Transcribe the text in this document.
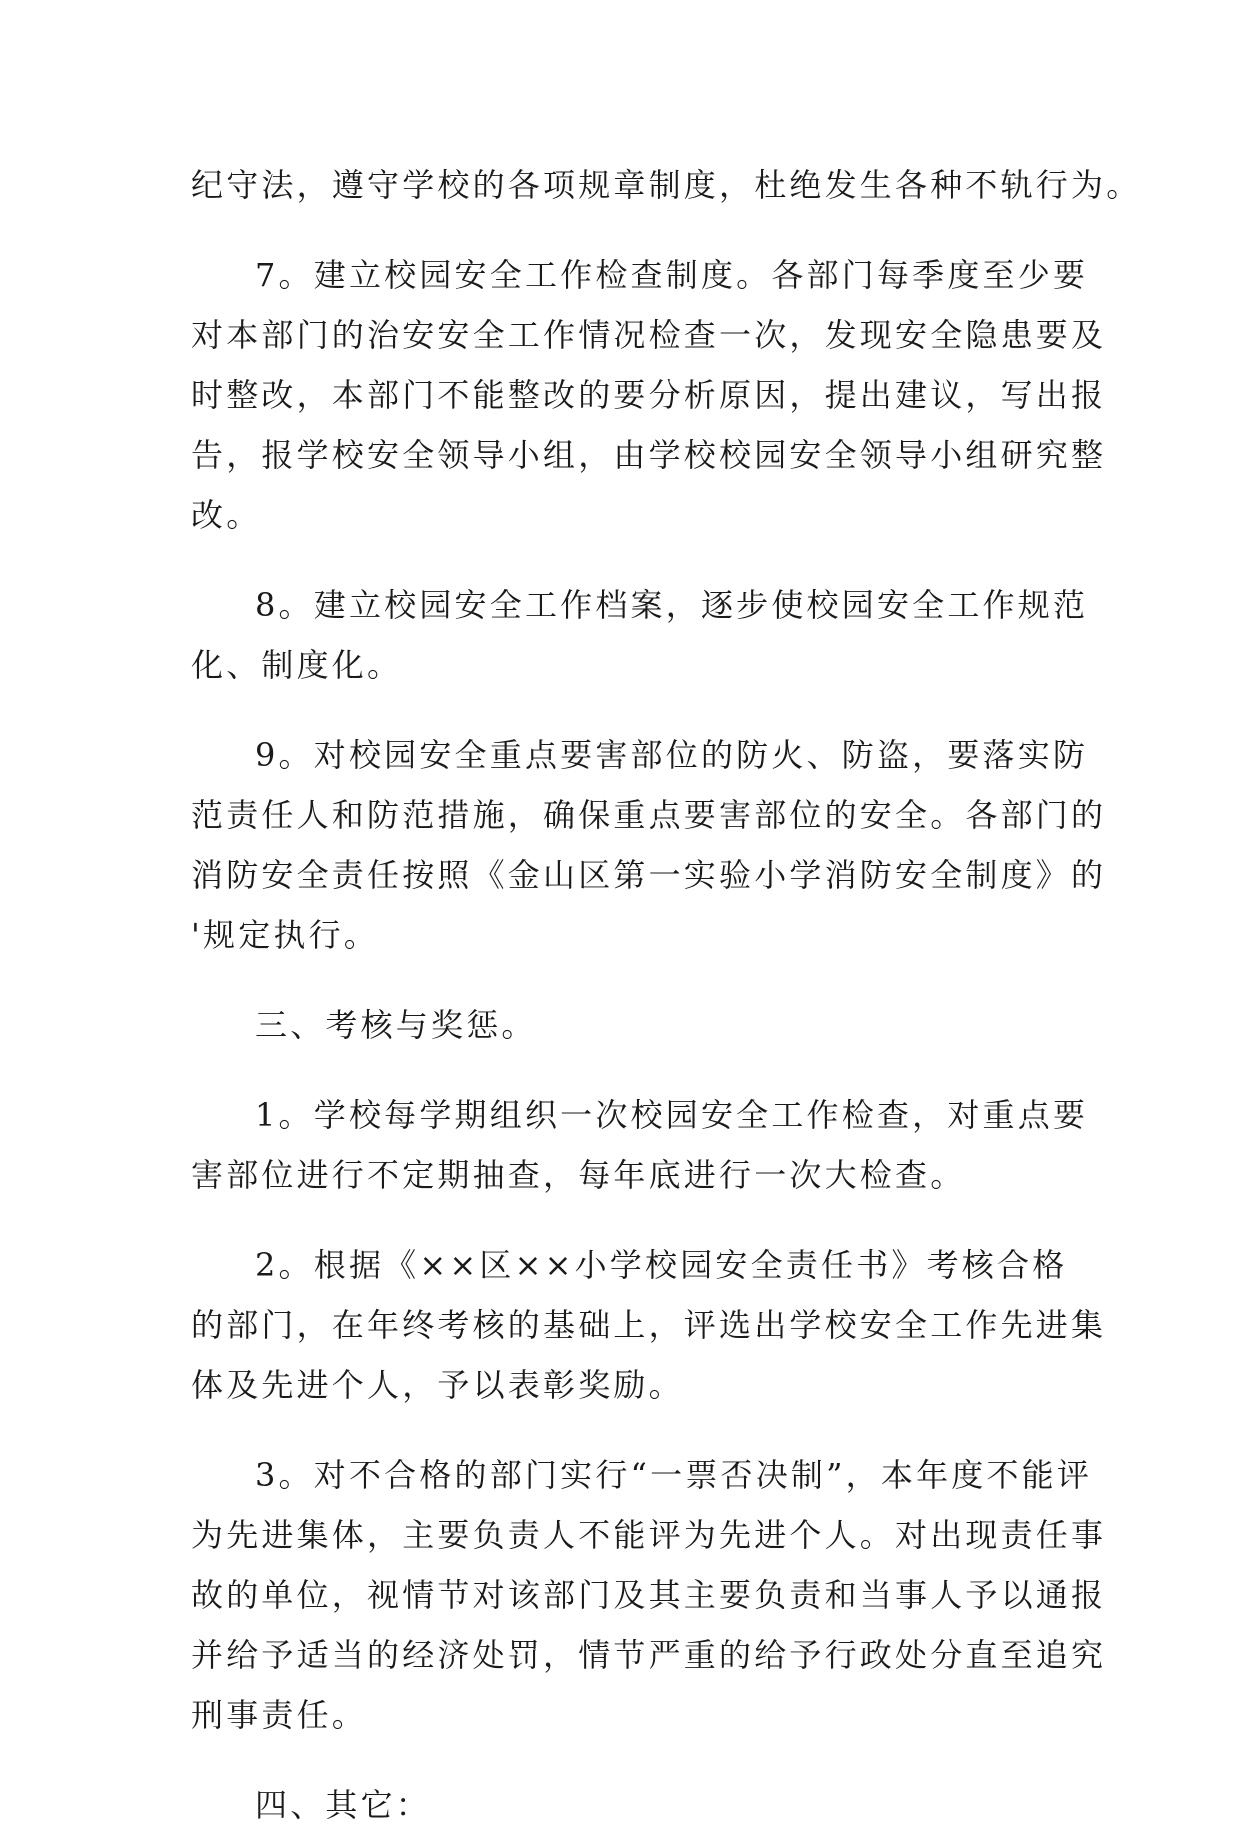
纪守法，遵守学校的各项规章制度，杜绝发生各种不轨行为。
7。建立校园安全工作检查制度。各部门每季度至少要
对本部门的治安安全工作情况检查一次，发现安全隐患要及
时整改，本部门不能整改的要分析原因，提出建议，写出报
告，报学校安全领导小组，由学校校园安全领导小组研究整
改。
8。建立校园安全工作档案，逐步使校园安全工作规范
化、制度化。
9。对校园安全重点要害部位的防火、防盗，要落实防
范责任人和防范措施，确保重点要害部位的安全。各部门的
消防安全责任按照《金山区第一实验小学消防安全制度》的
'规定执行。
三、考核与奖惩。
1。学校每学期组织一次校园安全工作检查，对重点要
害部位进行不定期抽查，每年底进行一次大检查。
2。根据《××区××小学校园安全责任书》考核合格
的部门，在年终考核的基础上，评选出学校安全工作先进集
体及先进个人，予以表彰奖励。
3。对不合格的部门实行“一票否决制”，本年度不能评
为先进集体，主要负责人不能评为先进个人。对出现责任事
故的单位，视情节对该部门及其主要负责和当事人予以通报
并给予适当的经济处罚，情节严重的给予行政处分直至追究
刑事责任。
四、其它：
